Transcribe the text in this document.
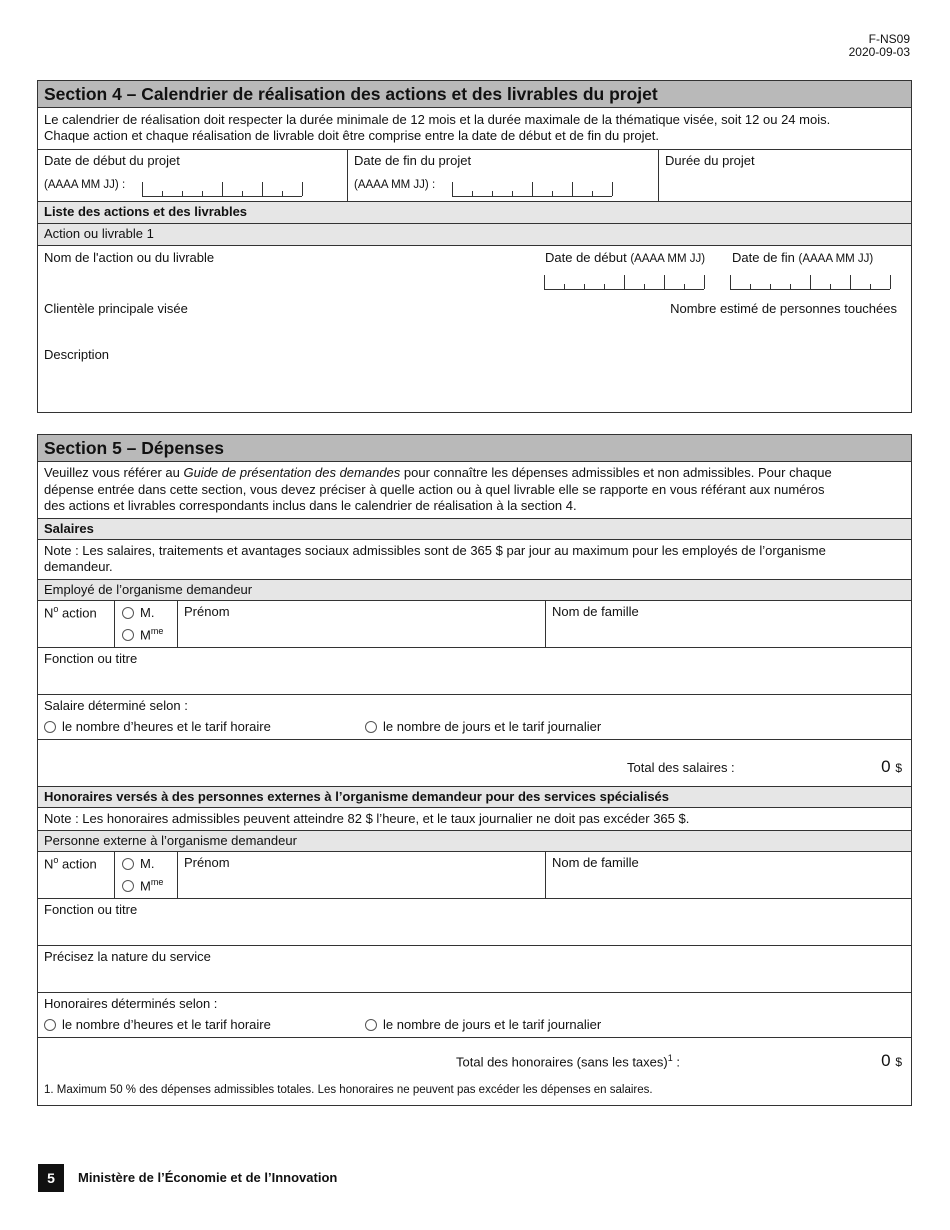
F-NS09
2020-09-03
Section 4 – Calendrier de réalisation des actions et des livrables du projet
Le calendrier de réalisation doit respecter la durée minimale de 12 mois et la durée maximale de la thématique visée, soit 12 ou 24 mois.
Chaque action et chaque réalisation de livrable doit être comprise entre la date de début et de fin du projet.
Date de début du projet
(AAAA MM JJ) :
Date de fin du projet
(AAAA MM JJ) :
Durée du projet
Liste des actions et des livrables
Action ou livrable 1
Nom de l'action ou du livrable	Date de début (AAAA MM JJ) Date de fin (AAAA MM JJ)
Clientèle principale visée	Nombre estimé de personnes touchées
Description
Section 5 – Dépenses
Veuillez vous référer au Guide de présentation des demandes pour connaître les dépenses admissibles et non admissibles. Pour chaque
dépense entrée dans cette section, vous devez préciser à quelle action ou à quel livrable elle se rapporte en vous référant aux numéros
des actions et livrables correspondants inclus dans le calendrier de réalisation à la section 4.
Salaires
Note : Les salaires, traitements et avantages sociaux admissibles sont de 365 $ par jour au maximum pour les employés de l’organisme
demandeur.
Employé de l’organisme demandeur
$N^o$ action	M.
$M^{me}$
Prénom	Nom de famille
Fonction ou titre
Salaire déterminé selon :
le nombre d’heures et le tarif horaire	le nombre de jours et le tarif journalier
Total des salaires :	0 $
Honoraires versés à des personnes externes à l’organisme demandeur pour des services spécialisés
Note : Les honoraires admissibles peuvent atteindre 82 $ l’heure, et le taux journalier ne doit pas excéder 365 $.
Personne externe à l’organisme demandeur
$N^o$ action	M.
$M^{me}$
Prénom	Nom de famille
Fonction ou titre
Précisez la nature du service
Honoraires déterminés selon :
le nombre d’heures et le tarif horaire	le nombre de jours et le tarif journalier
Total des honoraires (sans les taxes)$^1$ :	0 $
1. Maximum 50 % des dépenses admissibles totales. Les honoraires ne peuvent pas excéder les dépenses en salaires.
5	Ministère de l’Économie et de l’Innovation
